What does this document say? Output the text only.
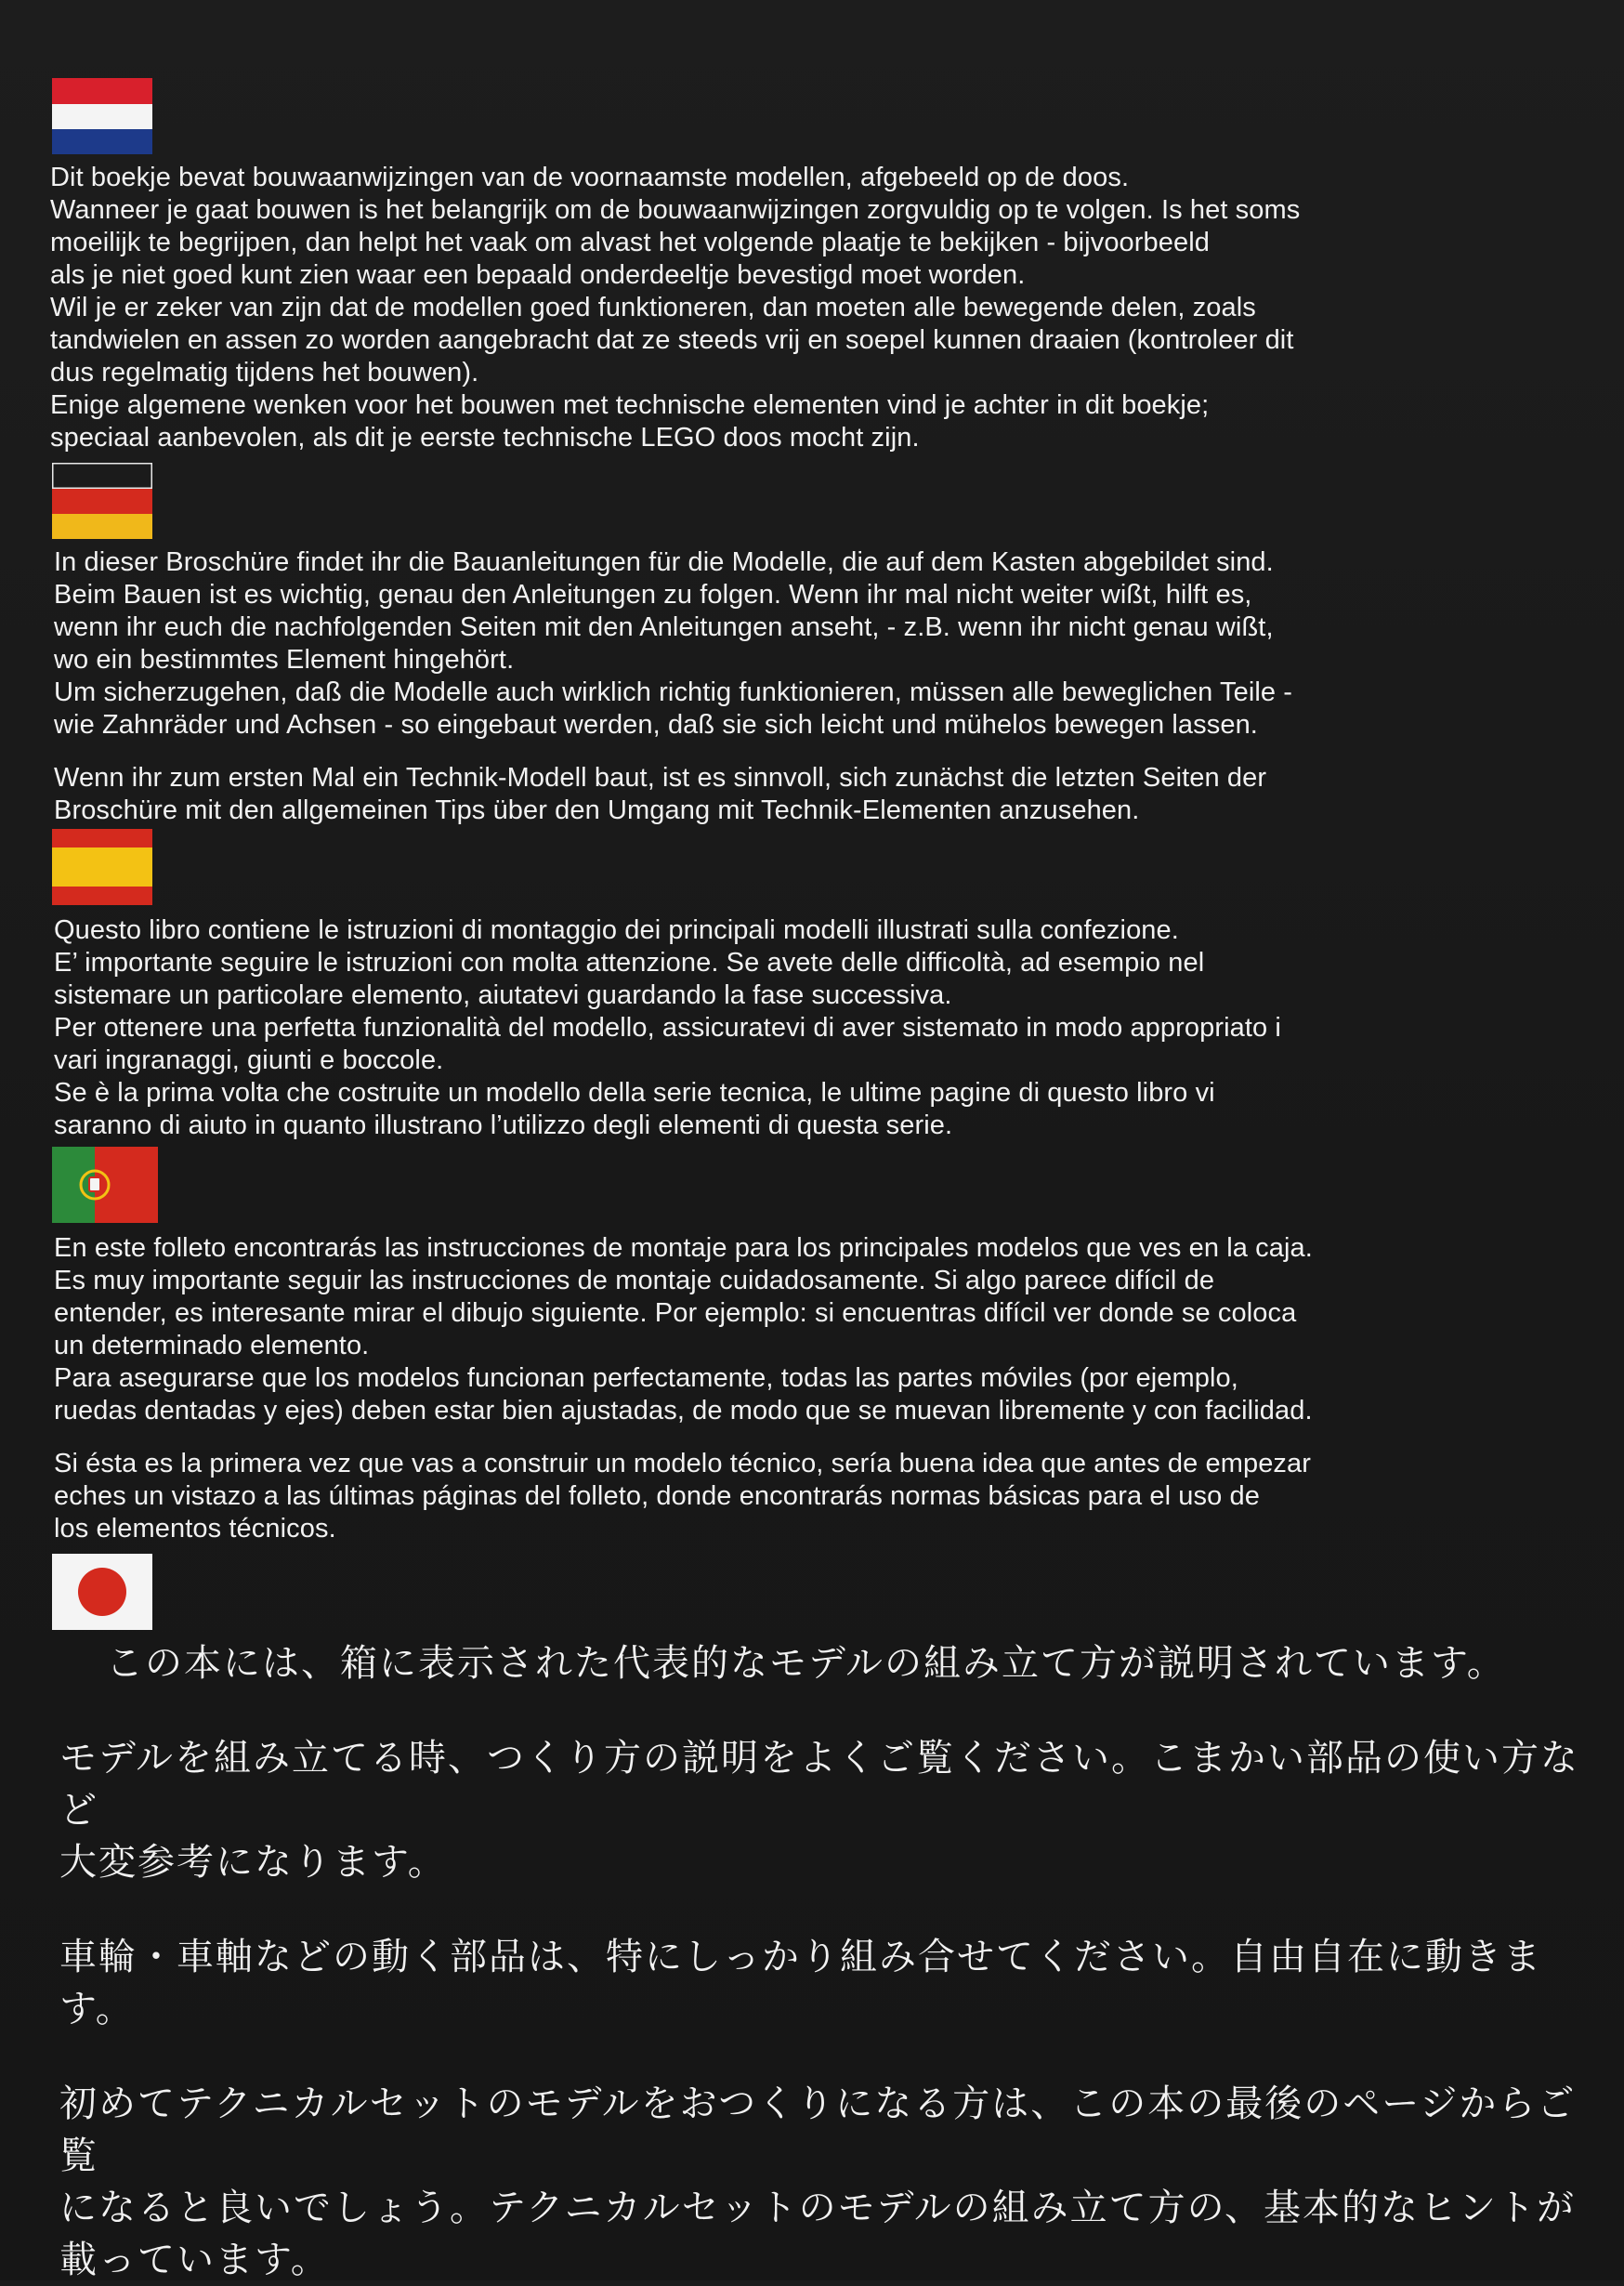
Dit boekje bevat bouwaanwijzingen van de voornaamste modellen, afgebeeld op de doos.
Wanneer je gaat bouwen is het belangrijk om de bouwaanwijzingen zorgvuldig op te volgen. Is het soms
moeilijk te begrijpen, dan helpt het vaak om alvast het volgende plaatje te bekijken - bijvoorbeeld
als je niet goed kunt zien waar een bepaald onderdeeltje bevestigd moet worden.
Wil je er zeker van zijn dat de modellen goed funktioneren, dan moeten alle bewegende delen, zoals
tandwielen en assen zo worden aangebracht dat ze steeds vrij en soepel kunnen draaien (kontroleer dit
dus regelmatig tijdens het bouwen).
Enige algemene wenken voor het bouwen met technische elementen vind je achter in dit boekje;
speciaal aanbevolen, als dit je eerste technische LEGO doos mocht zijn.

In dieser Broschüre findet ihr die Bauanleitungen für die Modelle, die auf dem Kasten abgebildet sind.
Beim Bauen ist es wichtig, genau den Anleitungen zu folgen. Wenn ihr mal nicht weiter wißt, hilft es,
wenn ihr euch die nachfolgenden Seiten mit den Anleitungen anseht, - z.B. wenn ihr nicht genau wißt,
wo ein bestimmtes Element hingehört.
Um sicherzugehen, daß die Modelle auch wirklich richtig funktionieren, müssen alle beweglichen Teile -
wie Zahnräder und Achsen - so eingebaut werden, daß sie sich leicht und mühelos bewegen lassen.

Wenn ihr zum ersten Mal ein Technik-Modell baut, ist es sinnvoll, sich zunächst die letzten Seiten der
Broschüre mit den allgemeinen Tips über den Umgang mit Technik-Elementen anzusehen.

Questo libro contiene le istruzioni di montaggio dei principali modelli illustrati sulla confezione.
E’ importante seguire le istruzioni con molta attenzione. Se avete delle difficoltà, ad esempio nel
sistemare un particolare elemento, aiutatevi guardando la fase successiva.
Per ottenere una perfetta funzionalità del modello, assicuratevi di aver sistemato in modo appropriato i
vari ingranaggi, giunti e boccole.
Se è la prima volta che costruite un modello della serie tecnica, le ultime pagine di questo libro vi
saranno di aiuto in quanto illustrano l’utilizzo degli elementi di questa serie.

En este folleto encontrarás las instrucciones de montaje para los principales modelos que ves en la caja.
Es muy importante seguir las instrucciones de montaje cuidadosamente. Si algo parece difícil de
entender, es interesante mirar el dibujo siguiente. Por ejemplo: si encuentras difícil ver donde se coloca
un determinado elemento.
Para asegurarse que los modelos funcionan perfectamente, todas las partes móviles (por ejemplo,
ruedas dentadas y ejes) deben estar bien ajustadas, de modo que se muevan libremente y con facilidad.

Si ésta es la primera vez que vas a construir un modelo técnico, sería buena idea que antes de empezar
eches un vistazo a las últimas páginas del folleto, donde encontrarás normas básicas para el uso de
los elementos técnicos.

この本には、箱に表示された代表的なモデルの組み立て方が説明されています。

モデルを組み立てる時、つくり方の説明をよくご覧ください。こまかい部品の使い方など
大変参考になります。

車輪・車軸などの動く部品は、特にしっかり組み合せてください。自由自在に動きます。

初めてテクニカルセットのモデルをおつくりになる方は、この本の最後のページからご覧
になると良いでしょう。テクニカルセットのモデルの組み立て方の、基本的なヒントが
載っています。
